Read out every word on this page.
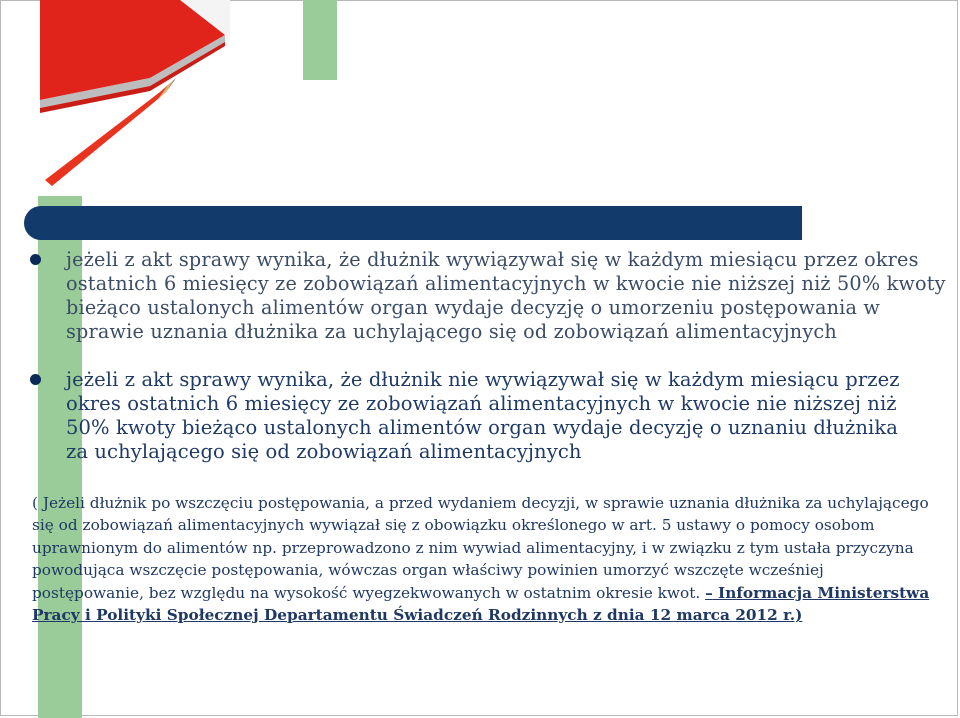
jeżeli z akt sprawy wynika, że dłużnik wywiązywał się w każdym miesiącu przez okres ostatnich 6 miesięcy ze zobowiązań alimentacyjnych w kwocie nie niższej niż 50% kwoty bieżąco ustalonych alimentów organ wydaje decyzję o umorzeniu postępowania w sprawie uznania dłużnika za uchylającego się od zobowiązań alimentacyjnych

jeżeli z akt sprawy wynika, że dłużnik nie wywiązywał się w każdym miesiącu przez okres ostatnich 6 miesięcy ze zobowiązań alimentacyjnych w kwocie nie niższej niż 50% kwoty bieżąco ustalonych alimentów organ wydaje decyzję o uznaniu dłużnika za uchylającego się od zobowiązań alimentacyjnych

( Jeżeli dłużnik po wszczęciu postępowania, a przed wydaniem decyzji, w sprawie uznania dłużnika za uchylającego się od zobowiązań alimentacyjnych wywiązał się z obowiązku określonego w art. 5 ustawy o pomocy osobom uprawnionym do alimentów np. przeprowadzono z nim wywiad alimentacyjny, i w związku z tym ustała przyczyna powodująca wszczęcie postępowania, wówczas organ właściwy powinien umorzyć wszczęte wcześniej postępowanie, bez względu na wysokość wyegzekwowanych w ostatnim okresie kwot. – Informacja Ministerstwa Pracy i Polityki Społecznej Departamentu Świadczeń Rodzinnych z dnia 12 marca 2012 r.)
